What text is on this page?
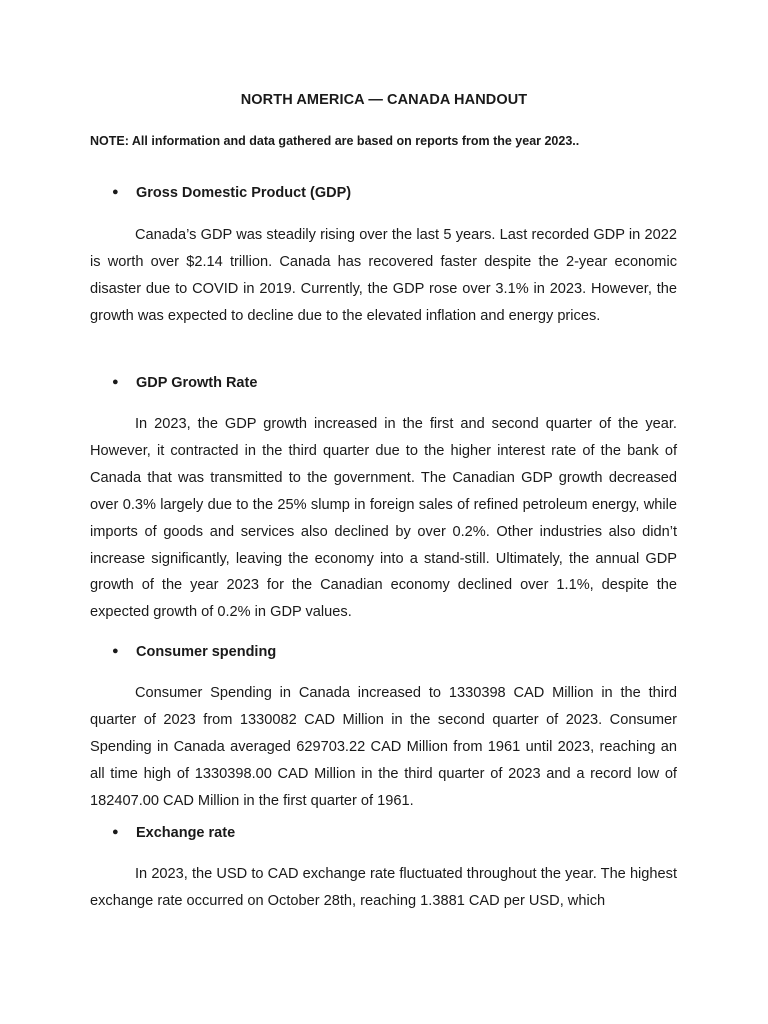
NORTH AMERICA — CANADA HANDOUT
NOTE: All information and data gathered are based on reports from the year 2023..
● Gross Domestic Product (GDP)

Canada’s GDP was steadily rising over the last 5 years. Last recorded GDP in 2022 is worth over $2.14 trillion. Canada has recovered faster despite the 2-year economic disaster due to COVID in 2019. Currently, the GDP rose over 3.1% in 2023. However, the growth was expected to decline due to the elevated inflation and energy prices.

● GDP Growth Rate

In 2023, the GDP growth increased in the first and second quarter of the year. However, it contracted in the third quarter due to the higher interest rate of the bank of Canada that was transmitted to the government. The Canadian GDP growth decreased over 0.3% largely due to the 25% slump in foreign sales of refined petroleum energy, while imports of goods and services also declined by over 0.2%. Other industries also didn’t increase significantly, leaving the economy into a stand-still. Ultimately, the annual GDP growth of the year 2023 for the Canadian economy declined over 1.1%, despite the expected growth of 0.2% in GDP values.

● Consumer spending

Consumer Spending in Canada increased to 1330398 CAD Million in the third quarter of 2023 from 1330082 CAD Million in the second quarter of 2023. Consumer Spending in Canada averaged 629703.22 CAD Million from 1961 until 2023, reaching an all time high of 1330398.00 CAD Million in the third quarter of 2023 and a record low of 182407.00 CAD Million in the first quarter of 1961.

● Exchange rate

In 2023, the USD to CAD exchange rate fluctuated throughout the year. The highest exchange rate occurred on October 28th, reaching 1.3881 CAD per USD, which
